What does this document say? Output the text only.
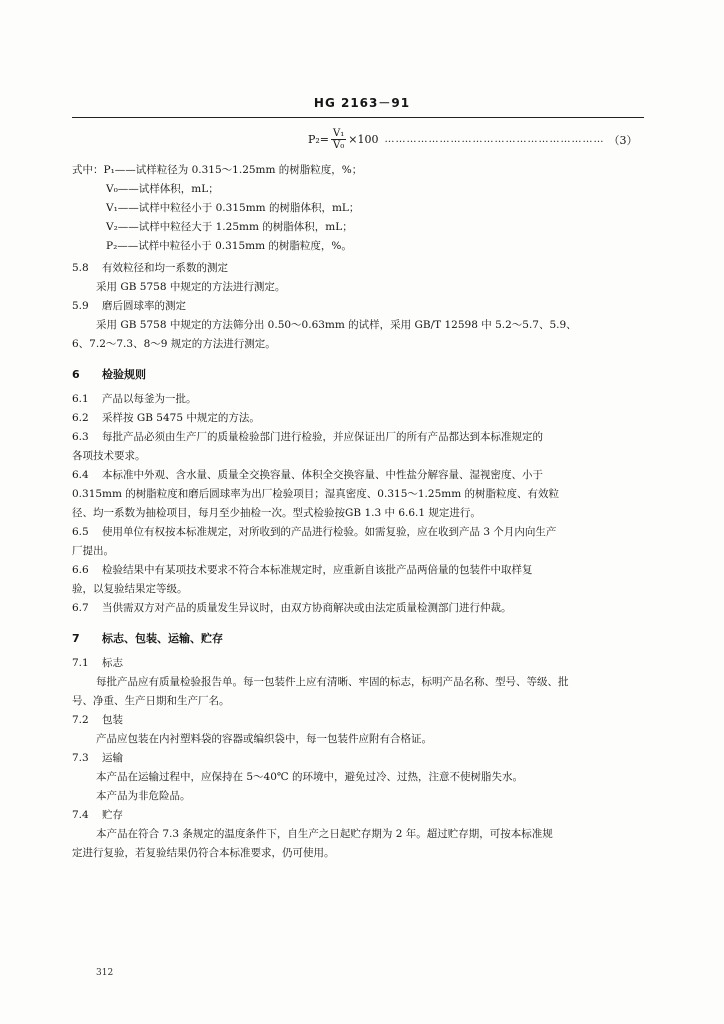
HG 2163－91
$P_2= \frac{\text{V₁}}{\text{V₀}} \times 100$ …………………………………………………… （3）
式中：P₁——试样粒径为 0.315～1.25mm 的树脂粒度，%；
V₀——试样体积，mL；
V₁——试样中粒径小于 0.315mm 的树脂体积，mL；
V₂——试样中粒径大于 1.25mm 的树脂体积，mL；
P₂——试样中粒径小于 0.315mm 的树脂粒度，%。
5.8 有效粒径和均一系数的测定
采用 GB 5758 中规定的方法进行测定。
5.9 磨后圆球率的测定
采用 GB 5758 中规定的方法筛分出 0.50～0.63mm 的试样，采用 GB/T 12598 中 5.2～5.7、5.9、
6、7.2～7.3、8～9 规定的方法进行测定。
6 检验规则
6.1 产品以每釜为一批。
6.2 采样按 GB 5475 中规定的方法。
6.3 每批产品必须由生产厂的质量检验部门进行检验，并应保证出厂的所有产品都达到本标准规定的
各项技术要求。
6.4 本标准中外观、含水量、质量全交换容量、体积全交换容量、中性盐分解容量、湿视密度、小于
0.315mm 的树脂粒度和磨后圆球率为出厂检验项目；湿真密度、0.315～1.25mm 的树脂粒度、有效粒
径、均一系数为抽检项目，每月至少抽检一次。型式检验按GB 1.3 中 6.6.1 规定进行。
6.5 使用单位有权按本标准规定，对所收到的产品进行检验。如需复验，应在收到产品 3 个月内向生产
厂提出。
6.6 检验结果中有某项技术要求不符合本标准规定时，应重新自该批产品两倍量的包装件中取样复
验，以复验结果定等级。
6.7 当供需双方对产品的质量发生异议时，由双方协商解决或由法定质量检测部门进行仲裁。
7 标志、包装、运输、贮存
7.1 标志
每批产品应有质量检验报告单。每一包装件上应有清晰、牢固的标志，标明产品名称、型号、等级、批
号、净重、生产日期和生产厂名。
7.2 包装
产品应包装在内衬塑料袋的容器或编织袋中，每一包装件应附有合格证。
7.3 运输
本产品在运输过程中，应保持在 5～40℃ 的环境中，避免过冷、过热，注意不使树脂失水。
本产品为非危险品。
7.4 贮存
本产品在符合 7.3 条规定的温度条件下，自生产之日起贮存期为 2 年。超过贮存期，可按本标准规
定进行复验，若复验结果仍符合本标准要求，仍可使用。
312
